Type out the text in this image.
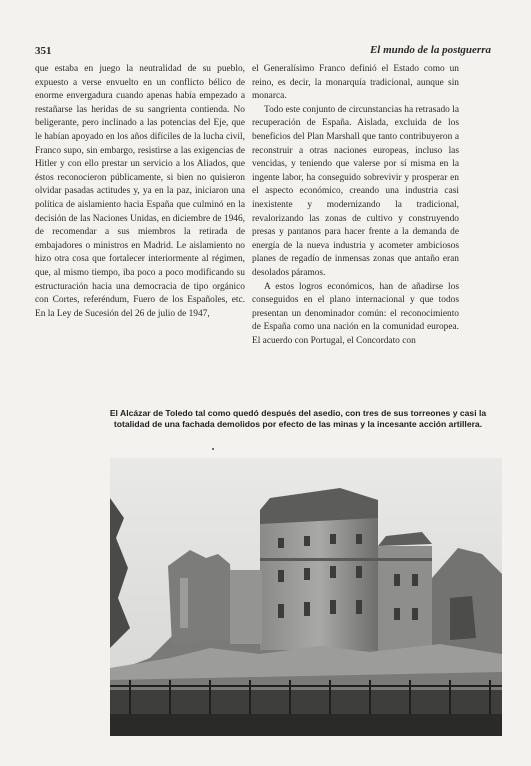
351	El mundo de la postguerra

que estaba en juego la neutralidad de su pueblo, expuesto a verse envuelto en un conflicto bélico de enorme envergadura cuando apenas había empezado a restañarse las heridas de su sangrienta contienda. No beligerante, pero inclinado a las potencias del Eje, que le habían apoyado en los años difíciles de la lucha civil, Franco supo, sin embargo, resistirse a las exigencias de Hitler y con ello prestar un servicio a los Aliados, que éstos reconocieron públicamente, si bien no quisieron olvidar pasadas actitudes y, ya en la paz, iniciaron una política de aislamiento hacia España que culminó en la decisión de las Naciones Unidas, en diciembre de 1946, de recomendar a sus miembros la retirada de embajadores o ministros en Madrid. Le aislamiento no hizo otra cosa que fortalecer interiormente al régimen, que, al mismo tiempo, iba poco a poco modificando su estructuración hacia una democracia de tipo orgánico con Cortes, referéndum, Fuero de los Españoles, etc. En la Ley de Sucesión del 26 de julio de 1947,

el Generalísimo Franco definió el Estado como un reino, es decir, la monarquía tradicional, aunque sin monarca.

Todo este conjunto de circunstancias ha retrasado la recuperación de España. Aislada, excluida de los beneficios del Plan Marshall que tanto contribuyeron a reconstruir a otras naciones europeas, incluso las vencidas, y teniendo que valerse por sí misma en la ingente labor, ha conseguido sobrevivir y prosperar en el aspecto económico, creando una industria casi inexistente y modernizando la tradicional, revalorizando las zonas de cultivo y construyendo presas y pantanos para hacer frente a la demanda de energía de la nueva industria y acometer ambiciosos planes de regadío de inmensas zonas que antaño eran desolados páramos.

A estos logros económicos, han de añadirse los conseguidos en el plano internacional y que todos presentan un denominador común: el reconocimiento de España como una nación en la comunidad europea. El acuerdo con Portugal, el Concordato con

El Alcázar de Toledo tal como quedó después del asedio, con tres de sus torreones y casi la totalidad de una fachada demolidos por efecto de las minas y la incesante acción artillera.
